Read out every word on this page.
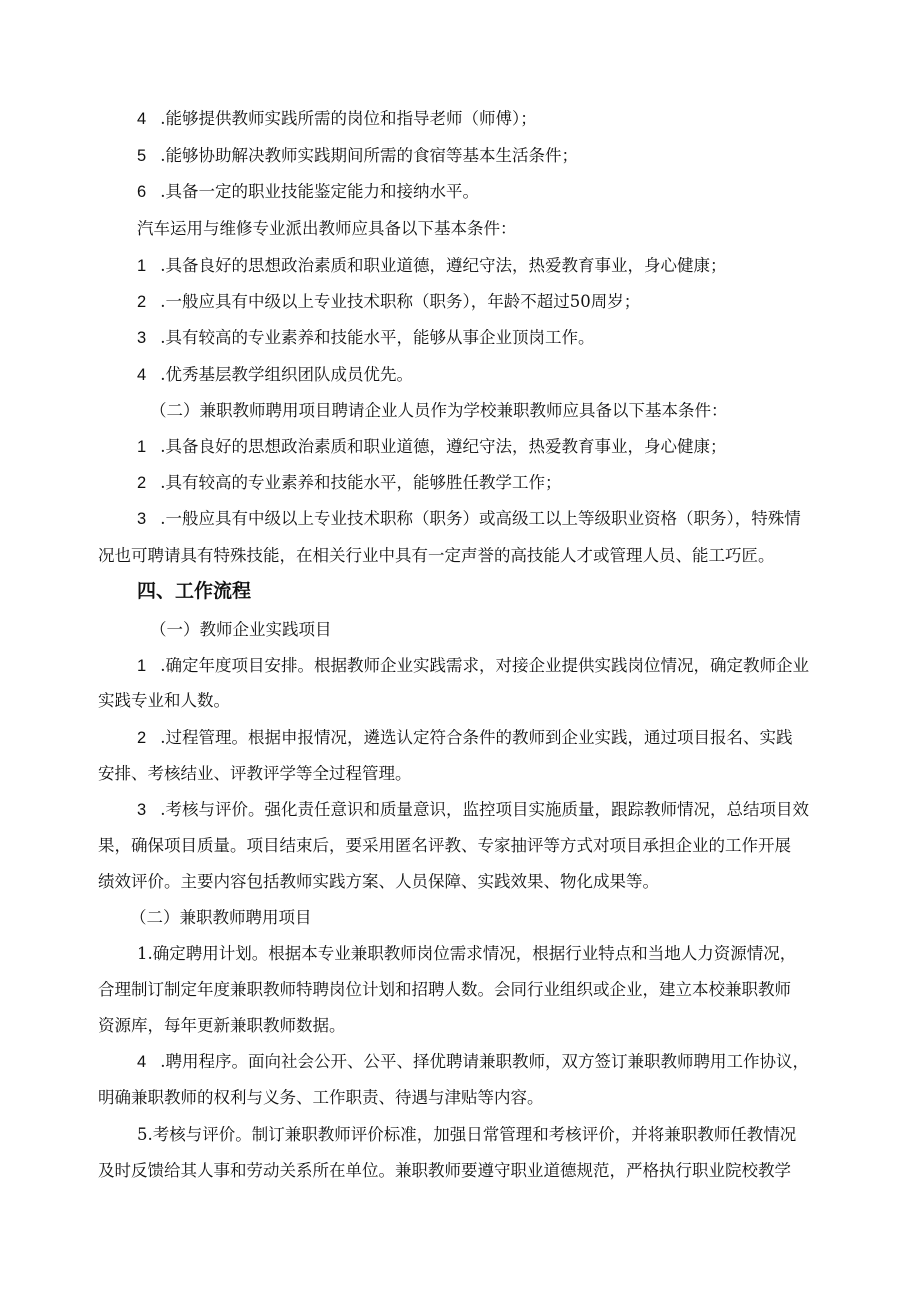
4 .能够提供教师实践所需的岗位和指导老师（师傅）；
5 .能够协助解决教师实践期间所需的食宿等基本生活条件；
6 .具备一定的职业技能鉴定能力和接纳水平。
汽车运用与维修专业派出教师应具备以下基本条件：
1 .具备良好的思想政治素质和职业道德，遵纪守法，热爱教育事业，身心健康；
2 .一般应具有中级以上专业技术职称（职务），年龄不超过50周岁；
3 .具有较高的专业素养和技能水平，能够从事企业顶岗工作。
4 .优秀基层教学组织团队成员优先。
（二）兼职教师聘用项目聘请企业人员作为学校兼职教师应具备以下基本条件：
1 .具备良好的思想政治素质和职业道德，遵纪守法，热爱教育事业，身心健康；
2 .具有较高的专业素养和技能水平，能够胜任教学工作；
3 .一般应具有中级以上专业技术职称（职务）或高级工以上等级职业资格（职务），特殊情
况也可聘请具有特殊技能，在相关行业中具有一定声誉的高技能人才或管理人员、能工巧匠。
四、工作流程
（一）教师企业实践项目
1 .确定年度项目安排。根据教师企业实践需求，对接企业提供实践岗位情况，确定教师企业
实践专业和人数。
2 .过程管理。根据申报情况，遴选认定符合条件的教师到企业实践，通过项目报名、实践
安排、考核结业、评教评学等全过程管理。
3 .考核与评价。强化责任意识和质量意识，监控项目实施质量，跟踪教师情况，总结项目效
果，确保项目质量。项目结束后，要采用匿名评教、专家抽评等方式对项目承担企业的工作开展
绩效评价。主要内容包括教师实践方案、人员保障、实践效果、物化成果等。
（二）兼职教师聘用项目
1.确定聘用计划。根据本专业兼职教师岗位需求情况，根据行业特点和当地人力资源情况，
合理制订制定年度兼职教师特聘岗位计划和招聘人数。会同行业组织或企业，建立本校兼职教师
资源库，每年更新兼职教师数据。
4 .聘用程序。面向社会公开、公平、择优聘请兼职教师，双方签订兼职教师聘用工作协议，
明确兼职教师的权利与义务、工作职责、待遇与津贴等内容。
5.考核与评价。制订兼职教师评价标准，加强日常管理和考核评价，并将兼职教师任教情况
及时反馈给其人事和劳动关系所在单位。兼职教师要遵守职业道德规范，严格执行职业院校教学
